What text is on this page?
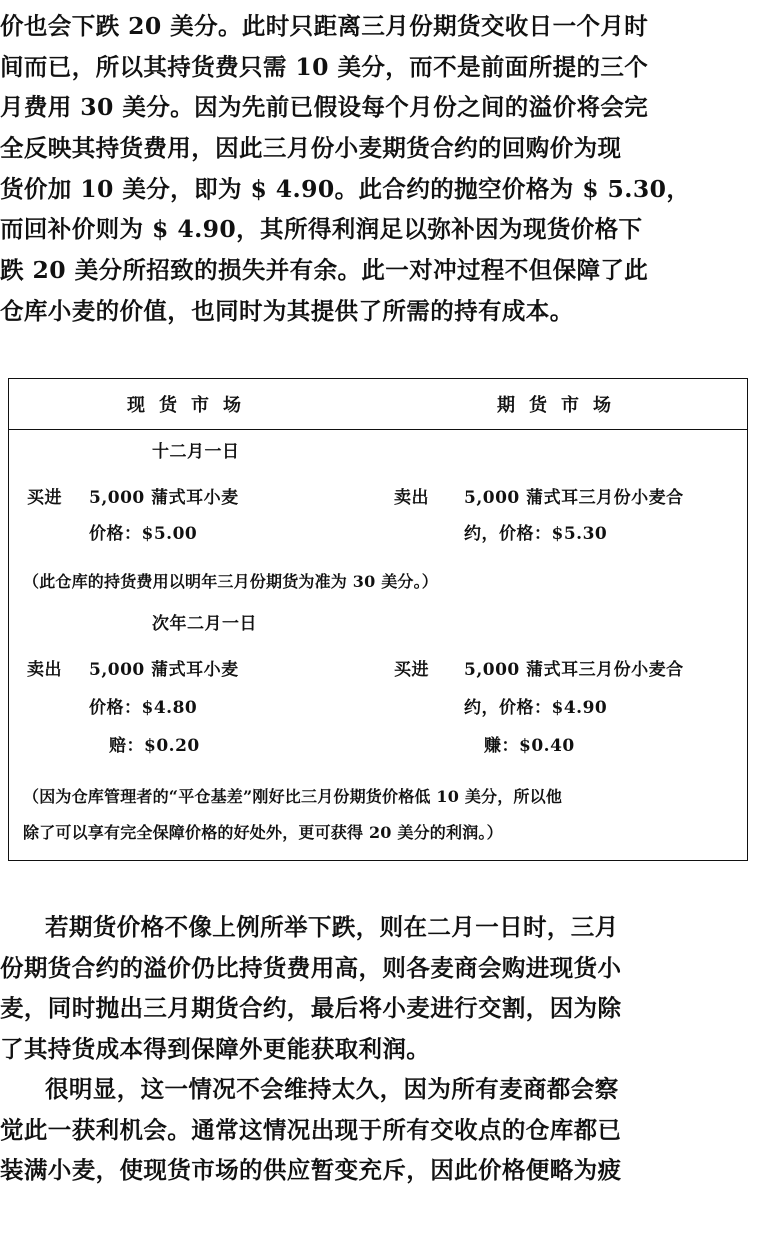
价也会下跌 20 美分。此时只距离三月份期货交收日一个月时
间而已，所以其持货费只需 10 美分，而不是前面所提的三个
月费用 30 美分。因为先前已假设每个月份之间的溢价将会完
全反映其持货费用，因此三月份小麦期货合约的回购价为现
货价加 10 美分，即为 $ 4.90。此合约的抛空价格为 $ 5.30，
而回补价则为 $ 4.90，其所得利润足以弥补因为现货价格下
跌 20 美分所招致的损失并有余。此一对冲过程不但保障了此
仓库小麦的价值，也同时为其提供了所需的持有成本。
现货市场	期货市场
十二月一日
买进 5,000 蒲式耳小麦
价格：$5.00
卖出 5,000 蒲式耳三月份小麦合
约，价格：$5.30
（此仓库的持货费用以明年三月份期货为准为 30 美分。）
次年二月一日
卖出 5,000 蒲式耳小麦
价格：$4.80
赔：$0.20
买进 5,000 蒲式耳三月份小麦合
约，价格：$4.90
赚：$0.40
（因为仓库管理者的“平仓基差”刚好比三月份期货价格低 10 美分，所以他
除了可以享有完全保障价格的好处外，更可获得 20 美分的利润。）
若期货价格不像上例所举下跌，则在二月一日时，三月
份期货合约的溢价仍比持货费用高，则各麦商会购进现货小
麦，同时抛出三月期货合约，最后将小麦进行交割，因为除
了其持货成本得到保障外更能获取利润。
很明显，这一情况不会维持太久，因为所有麦商都会察
觉此一获利机会。通常这情况出现于所有交收点的仓库都已
装满小麦，使现货市场的供应暂变充斥，因此价格便略为疲
